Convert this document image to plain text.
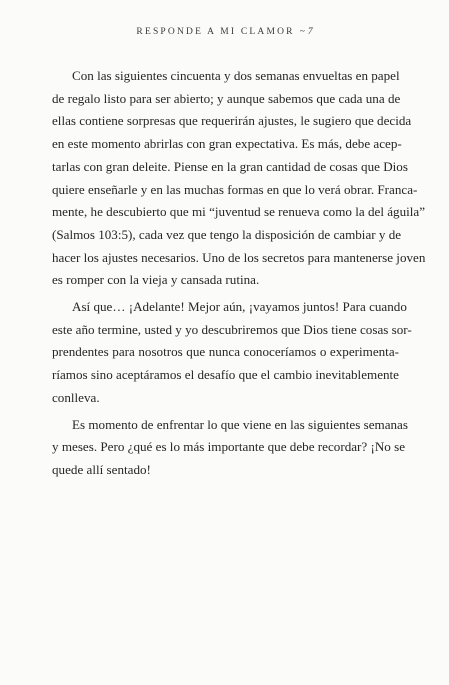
RESPONDE A MI CLAMOR ~ 7

Con las siguientes cincuenta y dos semanas envueltas en papel
de regalo listo para ser abierto; y aunque sabemos que cada una de
ellas contiene sorpresas que requerirán ajustes, le sugiero que decida
en este momento abrirlas con gran expectativa. Es más, debe acep-
tarlas con gran deleite. Piense en la gran cantidad de cosas que Dios
quiere enseñarle y en las muchas formas en que lo verá obrar. Franca-
mente, he descubierto que mi “juventud se renueva como la del águila”
(Salmos 103:5), cada vez que tengo la disposición de cambiar y de
hacer los ajustes necesarios. Uno de los secretos para mantenerse joven
es romper con la vieja y cansada rutina.

Así que… ¡Adelante! Mejor aún, ¡vayamos juntos! Para cuando
este año termine, usted y yo descubriremos que Dios tiene cosas sor-
prendentes para nosotros que nunca conoceríamos o experimenta-
ríamos sino aceptáramos el desafío que el cambio inevitablemente
conlleva.

Es momento de enfrentar lo que viene en las siguientes semanas
y meses. Pero ¿qué es lo más importante que debe recordar? ¡No se
quede allí sentado!
